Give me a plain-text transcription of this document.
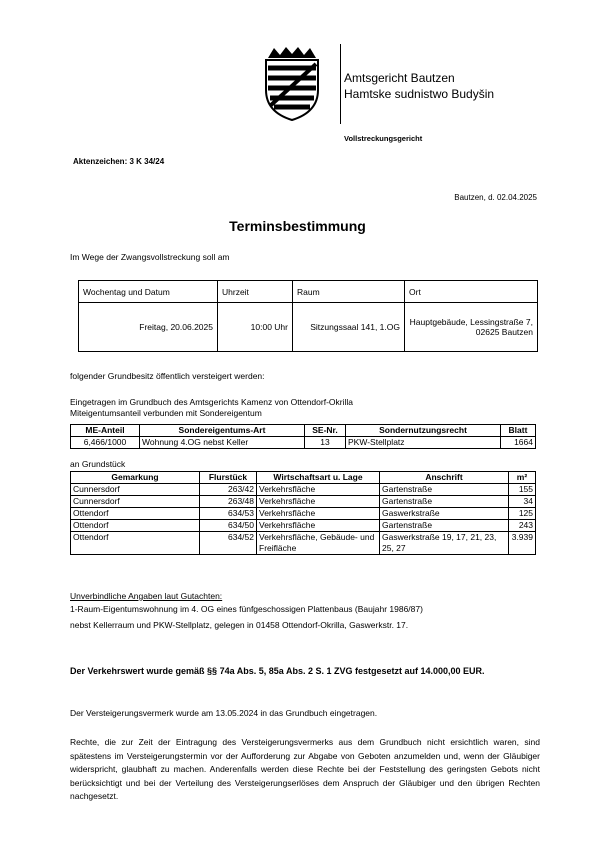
Amtsgericht Bautzen
Hamtske sudnistwo Budyšin
Vollstreckungsgericht
Aktenzeichen: 3 K 34/24
Bautzen, d. 02.04.2025
Terminsbestimmung
Im Wege der Zwangsvollstreckung soll am
Wochentag und Datum	Uhrzeit	Raum	Ort
Freitag, 20.06.2025	10:00 Uhr	Sitzungssaal 141, 1.OG	Hauptgebäude, Lessingstraße 7, 02625 Bautzen
folgender Grundbesitz öffentlich versteigert werden:
Eingetragen im Grundbuch des Amtsgerichts Kamenz von Ottendorf-Okrilla
Miteigentumsanteil verbunden mit Sondereigentum
ME-Anteil	Sondereigentums-Art	SE-Nr.	Sondernutzungsrecht	Blatt
6,466/1000	Wohnung 4.OG nebst Keller	13	PKW-Stellplatz	1664
an Grundstück
Gemarkung	Flurstück	Wirtschaftsart u. Lage	Anschrift	m²
Cunnersdorf	263/42	Verkehrsfläche	Gartenstraße	155
Cunnersdorf	263/48	Verkehrsfläche	Gartenstraße	34
Ottendorf	634/53	Verkehrsfläche	Gaswerkstraße	125
Ottendorf	634/50	Verkehrsfläche	Gartenstraße	243
Ottendorf	634/52	Verkehrsfläche, Gebäude- und Freifläche	Gaswerkstraße 19, 17, 21, 23, 25, 27	3.939
Unverbindliche Angaben laut Gutachten:
1-Raum-Eigentumswohnung im 4. OG eines fünfgeschossigen Plattenbaus (Baujahr 1986/87)
nebst Kellerraum und PKW-Stellplatz, gelegen in 01458 Ottendorf-Okrilla, Gaswerkstr. 17.
Der Verkehrswert wurde gemäß §§ 74a Abs. 5, 85a Abs. 2 S. 1 ZVG festgesetzt auf 14.000,00 EUR.
Der Versteigerungsvermerk wurde am 13.05.2024 in das Grundbuch eingetragen.
Rechte, die zur Zeit der Eintragung des Versteigerungsvermerks aus dem Grundbuch nicht ersichtlich waren, sind spätestens im Versteigerungstermin vor der Aufforderung zur Abgabe von Geboten anzumelden und, wenn der Gläubiger widerspricht, glaubhaft zu machen. Anderenfalls werden diese Rechte bei der Feststellung des geringsten Gebots nicht berücksichtigt und bei der Verteilung des Versteigerungserlöses dem Anspruch der Gläubiger und den übrigen Rechten nachgesetzt.
